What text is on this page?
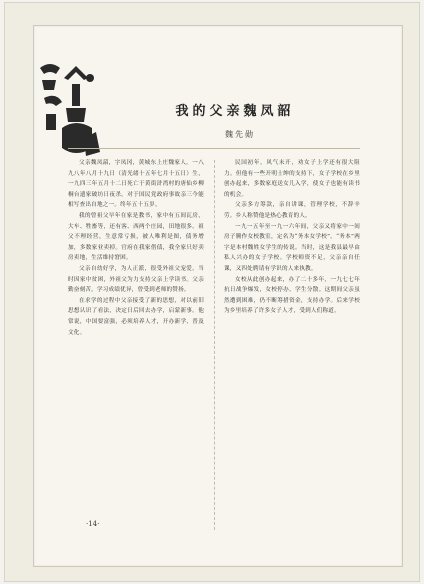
我的父亲魏凤韶
魏先勋

父亲魏凤韶，字凤冈，黄城东上庄魏家人。一八九八年八月十九日（清光绪十五年七月十五日）生，一九四三年五月十二日死亡于黄街浒湾村的唐仙乡柳桐台遗家破坊日夜杀。对于国民党政府事故亲三今能相写查出自地之一。终年五十五岁。

我的曾祖父早年在家是教书，家中有五间瓦房，大车、牲畜等，还有客、西两个庄园，田地很多。祖父不理经营，生意常亏损，被人唯利是图，债务增加，多数家业卖掉。官府在我家借债，我全家只好卖房卖地，生活维持窘困。

父亲自幼好学，为人正派，很受外祖父宠爱。当时因家中贫困，外祖父为力支持父亲上学读书。父亲勤奋刻苦，学习成绩优异，曾受到老师的赞扬。

在求学的过程中父亲接受了新的思想，对以前旧思想认识了看法，决定日后回去办学，启蒙新事。他常说，中国要富强，必须培养人才，开办新学，普及文化。

民国初年，风气未开，劝女子上学还有很大阻力。但他有一些开明士绅的支持下，女子学校在乡里创办起来，多数家庭送女儿入学，使女子也能有读书的机会。

父亲多方筹款，亲自讲课，管理学校，不辞辛劳。乡人称赞他是热心教育的人。

一九一五年至一九一六年间，父亲又将家中一间房子腾作女校教室，定名为“务本女学校”。“务本”两字是本村魏姓女学生的传说。当时，这是我县最早由私人兴办的女子学校。学校师资不足，父亲亲自任课，又四处聘请有学识的人来执教。

女校从此创办起来，办了二十多年，一九七七年抗日战争爆发，女校停办，学生分散。这期间父亲虽然遭到困难，仍不断筹措资金，支持办学。后来学校为乡里培养了许多女子人才，受到人们称道。

·14·
